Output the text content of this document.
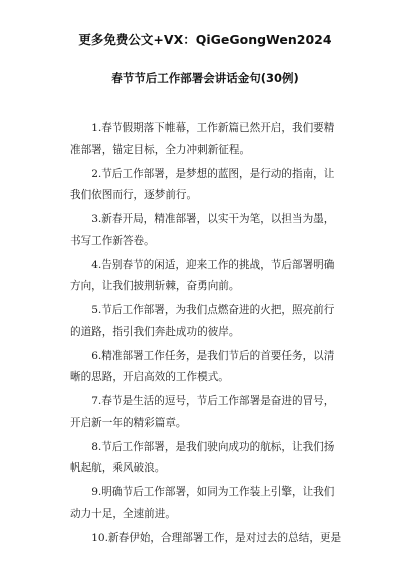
更多免费公文+VX：QiGeGongWen2024
春节节后工作部署会讲话金句(30例)

1.春节假期落下帷幕，工作新篇已然开启，我们要精
准部署，锚定目标，全力冲刺新征程。

2.节后工作部署，是梦想的蓝图，是行动的指南，让
我们依图而行，逐梦前行。

3.新春开局，精准部署，以实干为笔，以担当为墨，
书写工作新答卷。

4.告别春节的闲适，迎来工作的挑战，节后部署明确
方向，让我们披荆斩棘，奋勇向前。

5.节后工作部署，为我们点燃奋进的火把，照亮前行
的道路，指引我们奔赴成功的彼岸。

6.精准部署工作任务，是我们节后的首要任务，以清
晰的思路，开启高效的工作模式。

7.春节是生活的逗号，节后工作部署是奋进的冒号，
开启新一年的精彩篇章。

8.节后工作部署，是我们驶向成功的航标，让我们扬
帆起航，乘风破浪。

9.明确节后工作部署，如同为工作装上引擎，让我们
动力十足，全速前进。

10.新春伊始，合理部署工作，是对过去的总结，更是
